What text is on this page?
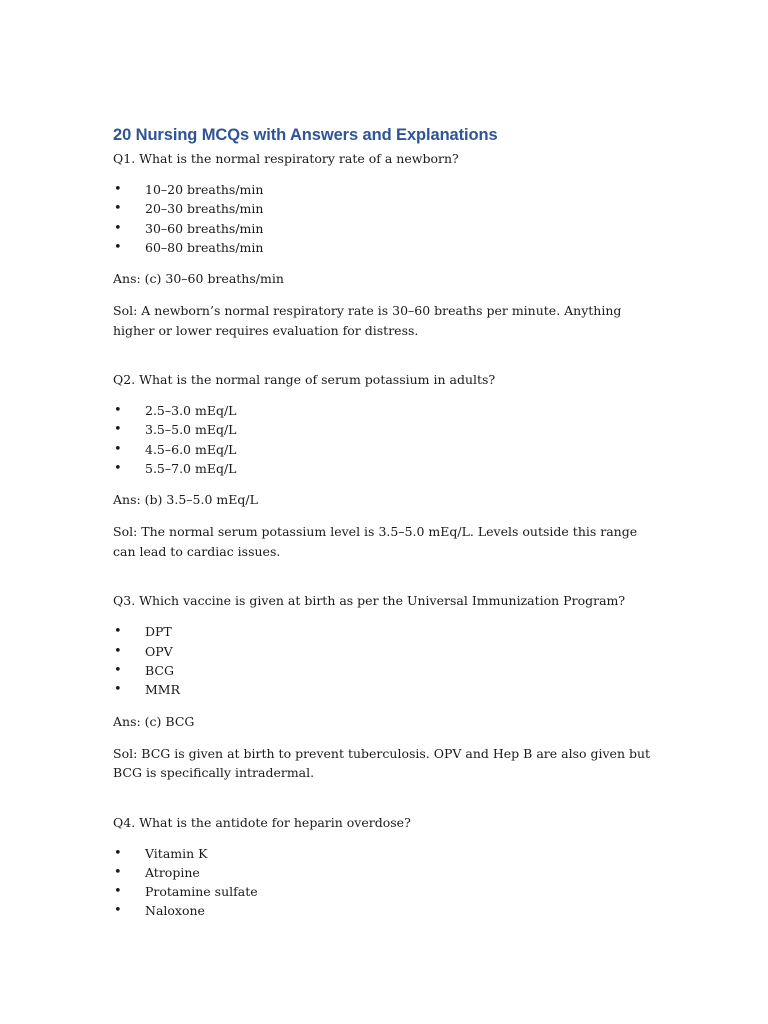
20 Nursing MCQs with Answers and Explanations

Q1. What is the normal respiratory rate of a newborn?

• 10–20 breaths/min
• 20–30 breaths/min
• 30–60 breaths/min
• 60–80 breaths/min

Ans: (c) 30–60 breaths/min

Sol: A newborn’s normal respiratory rate is 30–60 breaths per minute. Anything higher or lower requires evaluation for distress.

Q2. What is the normal range of serum potassium in adults?

• 2.5–3.0 mEq/L
• 3.5–5.0 mEq/L
• 4.5–6.0 mEq/L
• 5.5–7.0 mEq/L

Ans: (b) 3.5–5.0 mEq/L

Sol: The normal serum potassium level is 3.5–5.0 mEq/L. Levels outside this range can lead to cardiac issues.

Q3. Which vaccine is given at birth as per the Universal Immunization Program?

• DPT
• OPV
• BCG
• MMR

Ans: (c) BCG

Sol: BCG is given at birth to prevent tuberculosis. OPV and Hep B are also given but BCG is specifically intradermal.

Q4. What is the antidote for heparin overdose?

• Vitamin K
• Atropine
• Protamine sulfate
• Naloxone
